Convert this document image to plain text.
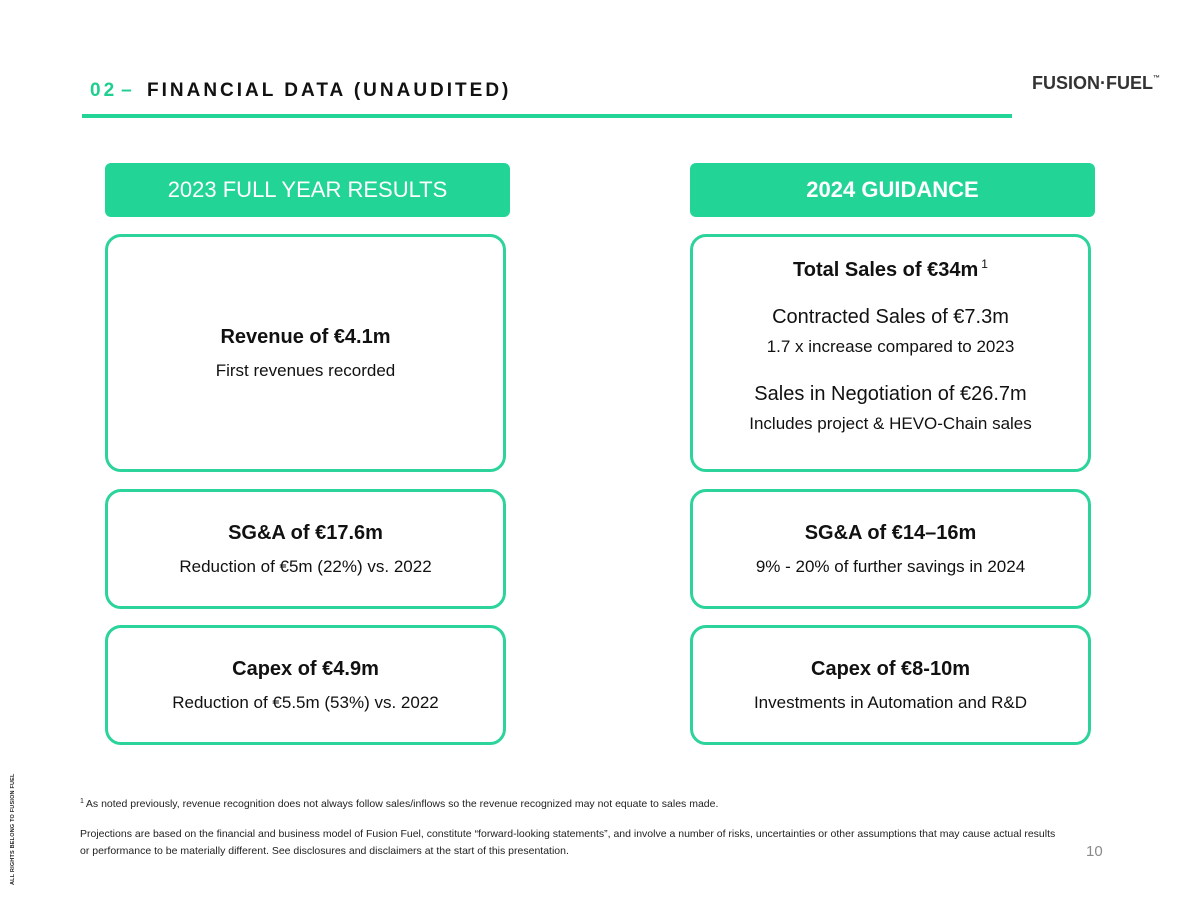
02 – FINANCIAL DATA (UNAUDITED)	FUSION·FUEL™
2023 FULL YEAR RESULTS	2024 GUIDANCE
Revenue of €4.1m
First revenues recorded
SG&A of €17.6m
Reduction of €5m (22%) vs. 2022
Capex of €4.9m
Reduction of €5.5m (53%) vs. 2022
Total Sales of €34m $^1$
Contracted Sales of €7.3m
1.7 x increase compared to 2023
Sales in Negotiation of €26.7m
Includes project & HEVO-Chain sales
SG&A of €14–16m
9% - 20% of further savings in 2024
Capex of €8-10m
Investments in Automation and R&D
$^1$ As noted previously, revenue recognition does not always follow sales/inflows so the revenue recognized may not equate to sales made.
Projections are based on the financial and business model of Fusion Fuel, constitute “forward-looking statements”, and involve a number of risks, uncertainties or other assumptions that may cause actual results or performance to be materially different. See disclosures and disclaimers at the start of this presentation.	10
ALL RIGHTS BELONG TO FUSION FUEL
